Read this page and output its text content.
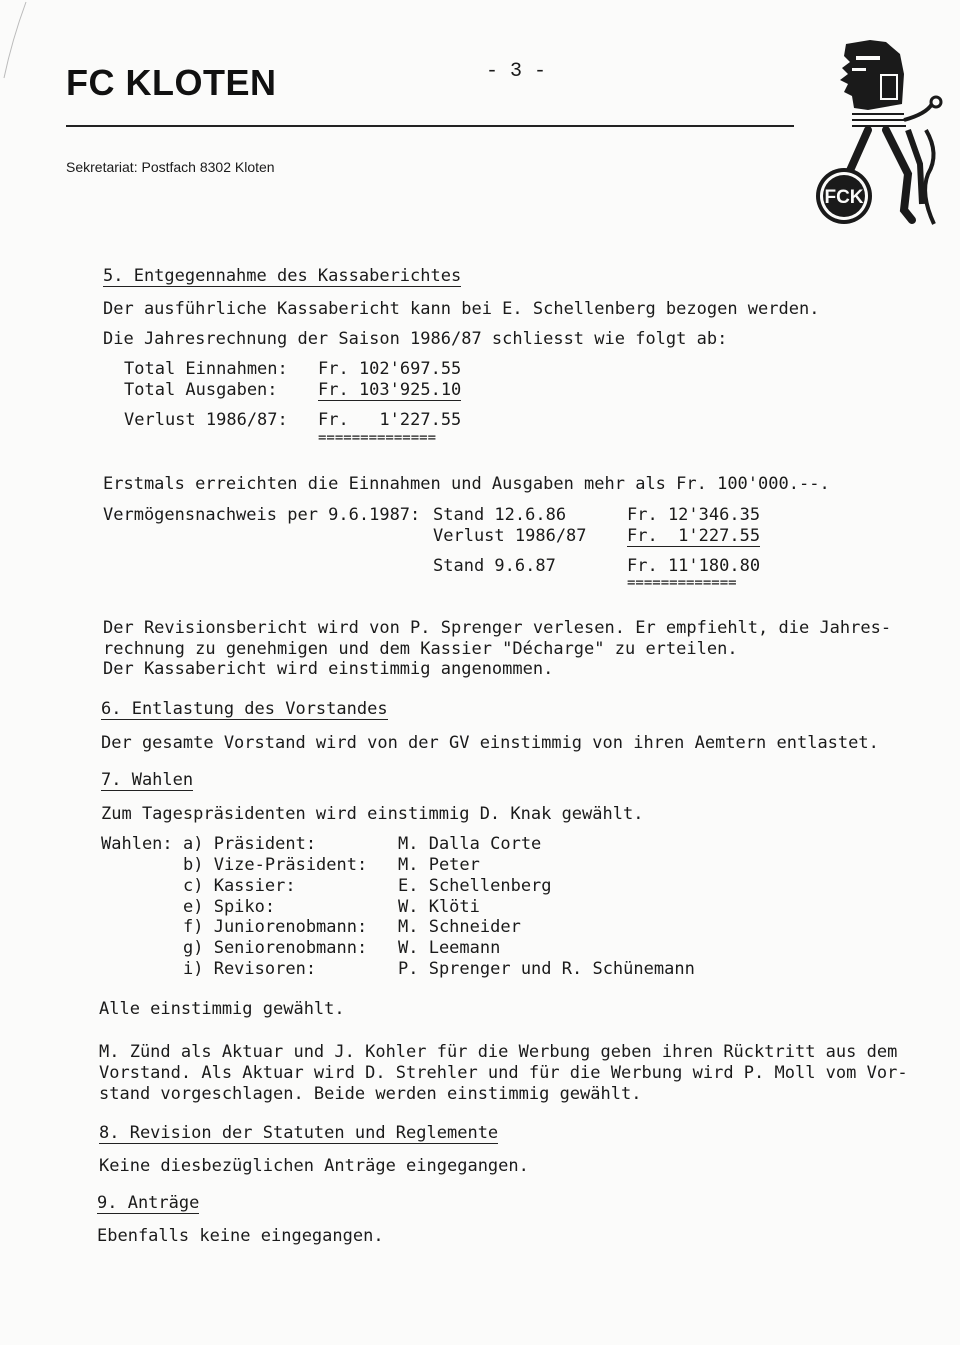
FC KLOTEN	- 3 -
Sekretariat: Postfach 8302 Kloten
FCK
5. Entgegennahme des Kassaberichtes
Der ausführliche Kassabericht kann bei E. Schellenberg bezogen werden.
Die Jahresrechnung der Saison 1986/87 schliesst wie folgt ab:
Total Einnahmen: Fr. 102'697.55
Total Ausgaben: Fr. 103'925.10
Verlust 1986/87: Fr.   1'227.55
==============
Erstmals erreichten die Einnahmen und Ausgaben mehr als Fr. 100'000.--.
Vermögensnachweis per 9.6.1987: Stand 12.6.86	Fr. 12'346.35
Verlust 1986/87 Fr.  1'227.55
Stand 9.6.87	Fr. 11'180.80
=============
Der Revisionsbericht wird von P. Sprenger verlesen. Er empfiehlt, die Jahres-
rechnung zu genehmigen und dem Kassier "Décharge" zu erteilen.
Der Kassabericht wird einstimmig angenommen.
6. Entlastung des Vorstandes
Der gesamte Vorstand wird von der GV einstimmig von ihren Aemtern entlastet.
7. Wahlen
Zum Tagespräsidenten wird einstimmig D. Knak gewählt.
Wahlen: a) Präsident:	M. Dalla Corte
b) Vize-Präsident: M. Peter
c) Kassier:	E. Schellenberg
e) Spiko:	W. Klöti
f) Juniorenobmann: M. Schneider
g) Seniorenobmann: W. Leemann
i) Revisoren:	P. Sprenger und R. Schünemann
Alle einstimmig gewählt.
M. Zünd als Aktuar und J. Kohler für die Werbung geben ihren Rücktritt aus dem
Vorstand. Als Aktuar wird D. Strehler und für die Werbung wird P. Moll vom Vor-
stand vorgeschlagen. Beide werden einstimmig gewählt.
8. Revision der Statuten und Reglemente
Keine diesbezüglichen Anträge eingegangen.
9. Anträge
Ebenfalls keine eingegangen.
